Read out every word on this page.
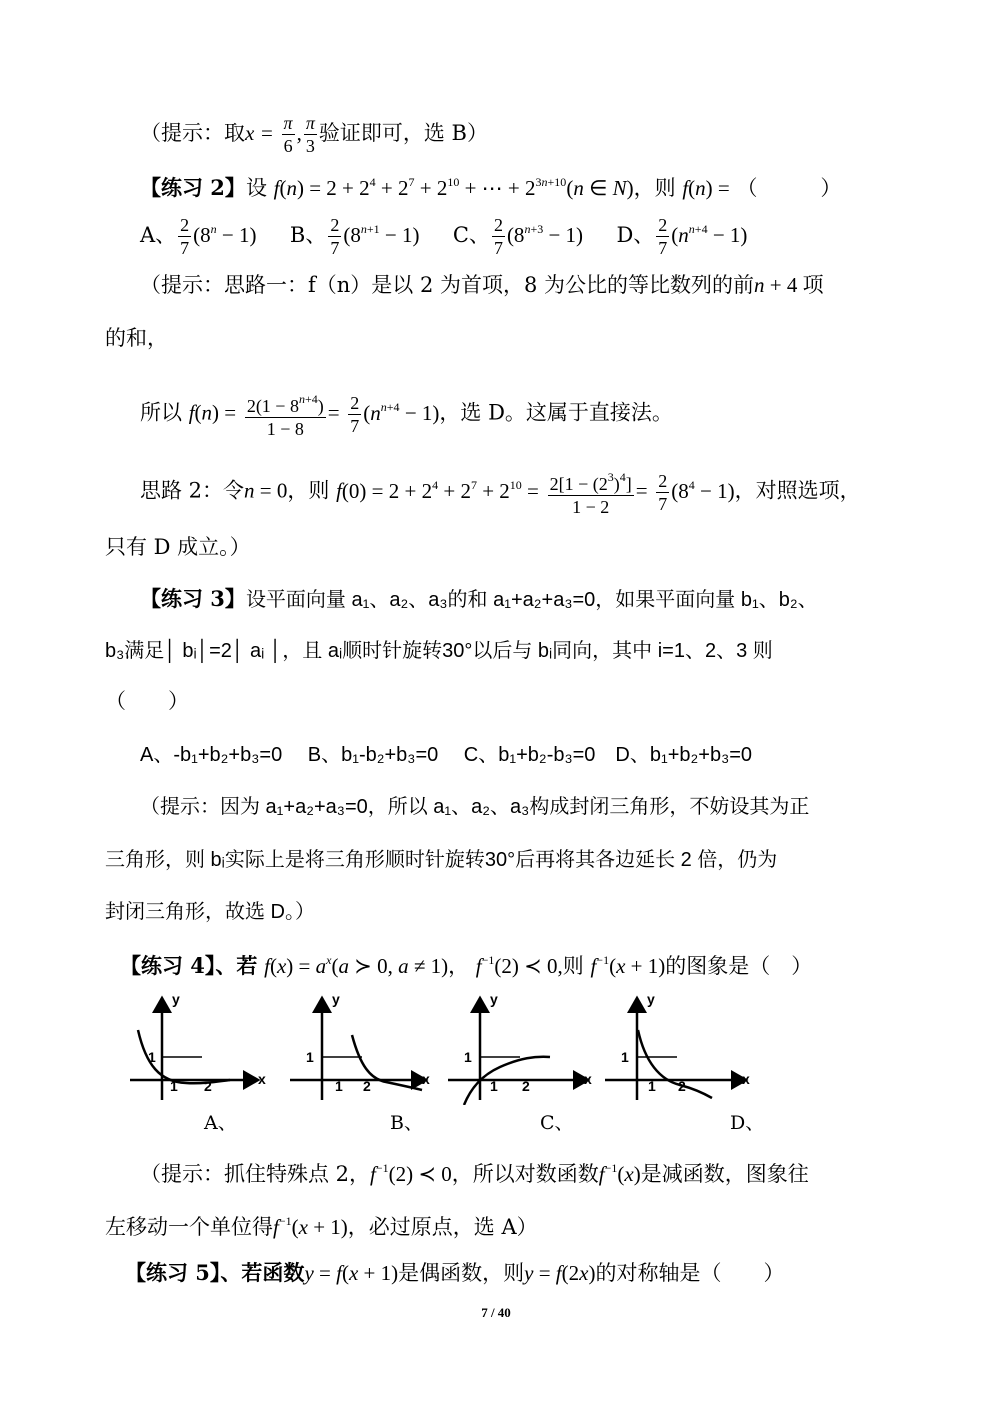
（提示：取$x = \frac{\pi}{6}$ , $\frac{\pi}{3}$ 验证即可，选 B）
【练习 2】设 $f(n) = 2 + 2^4 + 2^7 + 2^{10}$ + ⋯ + $2^{3n+10}(n$ ∈ N)，则 f(n) = （　　　）
A、 $\frac{2}{7} (8^n - 1)$ B、 $\frac{2}{7} (8^{n+1} - 1)$ C、 $\frac{2}{7} (8^{n+3} - 1)$ D、 $\frac{2}{7} (n^{n+4} - 1)$
（提示：思路一：f（n）是以 2 为首项，8 为公比的等比数列的前n + 4 项
的和，
所以 $f(n) = \frac{2(1 - 8^{n+4})}{1 - 8} = \frac{2}{7} (n^{n+4} - 1)$，选 D。这属于直接法。
思路 2：令n = 0，则 $f(0) = 2 + 2^4 + 2^7 + 2^{10} = \frac{2[1 - (2^3)^4]}{1 - 2} = \frac{2}{7} (8^4 - 1)$，对照选项，
只有 D 成立。）
【练习 3】设平面向量 a₁、a₂、a₃的和 a₁+a₂+a₃=0，如果平面向量 b₁、b₂、
b₃满足│ bᵢ│=2│ aᵢ │，且 aᵢ顺时针旋转30°以后与 bᵢ同向，其中 i=1、2、3 则
（　　）
A、-b₁+b₂+b₃=0　 B、b₁-b₂+b₃=0　 C、b₁+b₂-b₃=0　D、b₁+b₂+b₃=0
（提示：因为 a₁+a₂+a₃=0，所以 a₁、a₂、a₃构成封闭三角形，不妨设其为正
三角形，则 bᵢ实际上是将三角形顺时针旋转30°后再将其各边延长 2 倍，仍为
封闭三角形，故选 D。）
【练习 4】、若 $f(x) = a^x(a$ ≻ 0, a ≠ 1)， $f^{-1}(2)$ ≺ 0,则 $f^{-1}(x + 1)$的图象是（　）
y
x
1
1 2
y
x
1
1 2
y
x
1
1 2
y
x
1
1 2
A、	B、	C、	D、
（提示：抓住特殊点 2，$f^{-1}(2)$ ≺ 0，所以对数函数$f^{-1}(x)$是减函数，图象往
左移动一个单位得$f^{-1}(x + 1)$，必过原点，选 A）
【练习 5】、若函数y = f(x + 1)是偶函数，则y = f(2x)的对称轴是（　　）
7 / 40
